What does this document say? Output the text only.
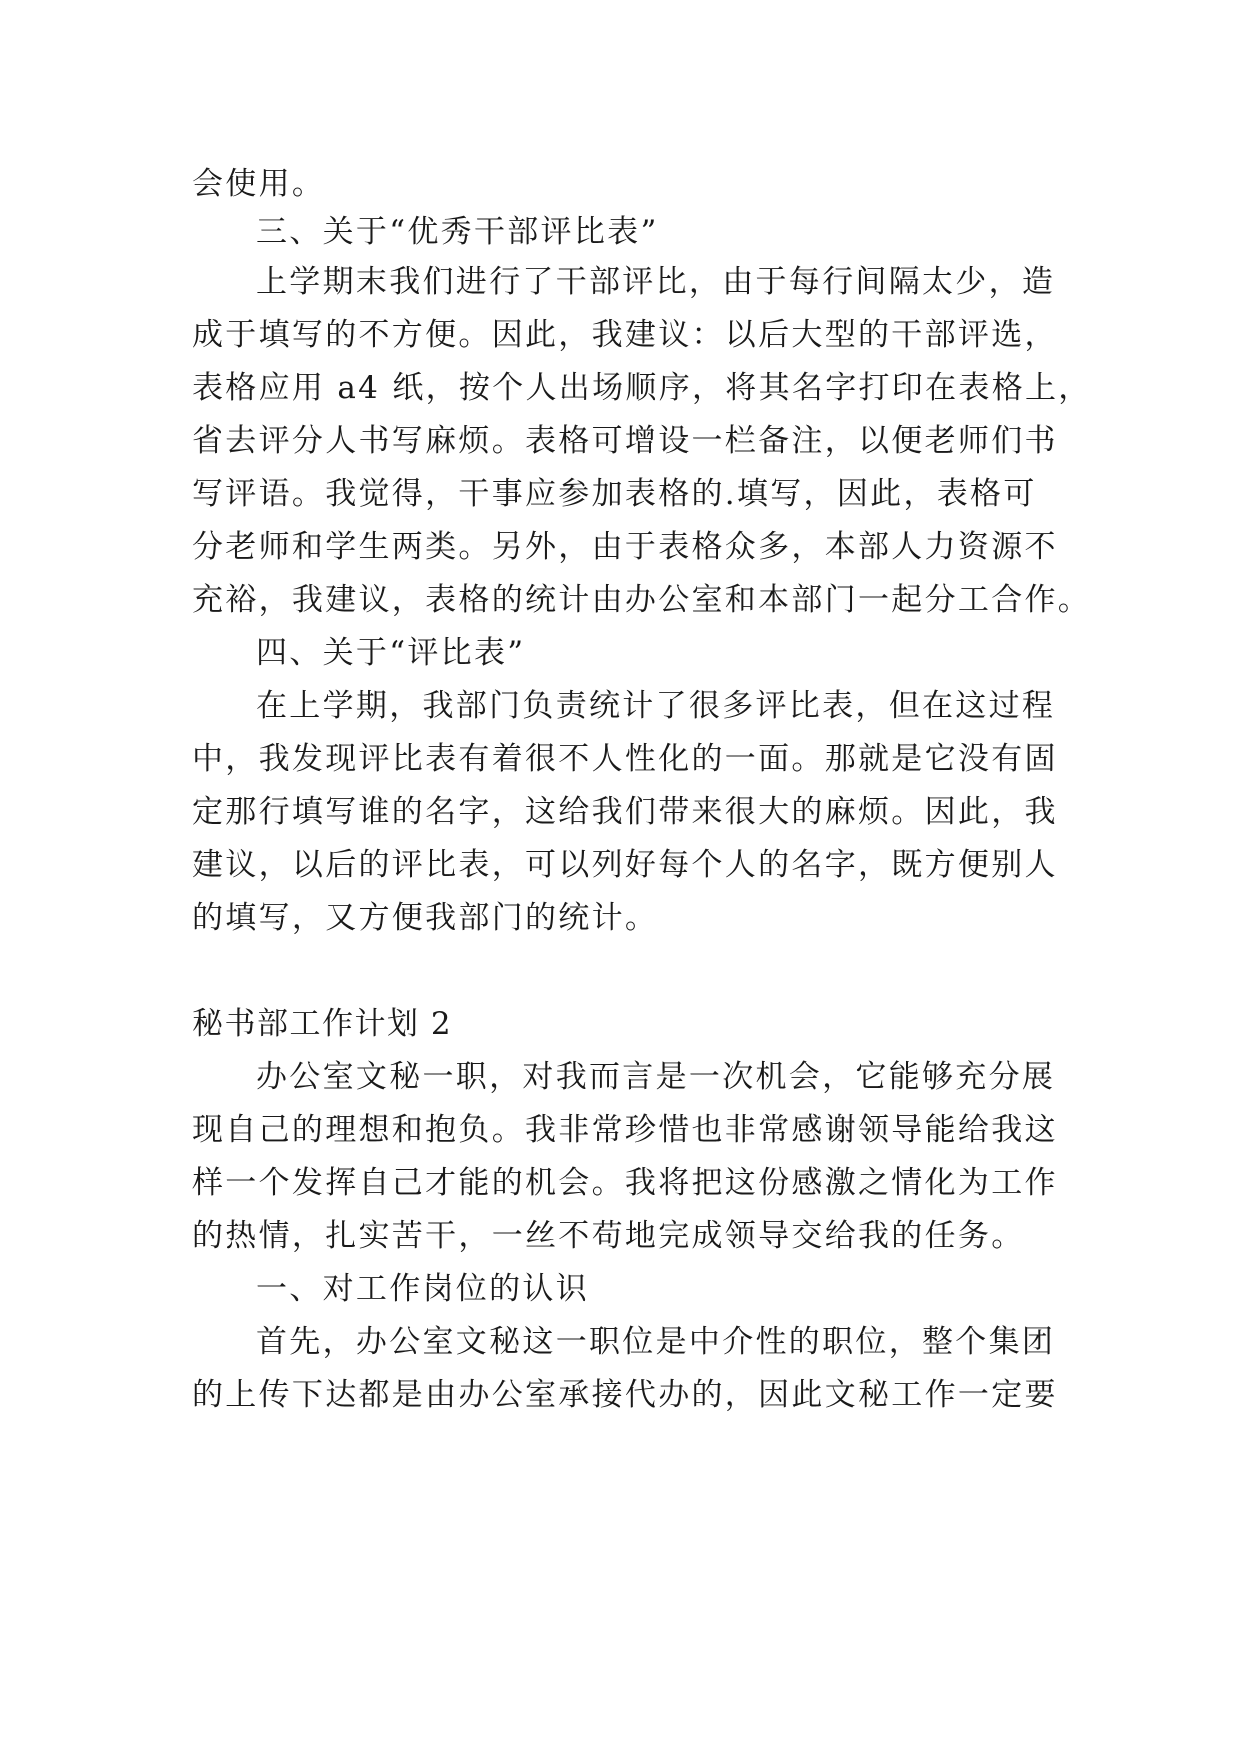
会使用。
三、关于“优秀干部评比表”
上学期末我们进行了干部评比，由于每行间隔太少，造
成于填写的不方便。因此，我建议：以后大型的干部评选，
表格应用 a4 纸，按个人出场顺序，将其名字打印在表格上，
省去评分人书写麻烦。表格可增设一栏备注，以便老师们书
写评语。我觉得，干事应参加表格的.填写，因此，表格可
分老师和学生两类。另外，由于表格众多，本部人力资源不
充裕，我建议，表格的统计由办公室和本部门一起分工合作。
四、关于“评比表”
在上学期，我部门负责统计了很多评比表，但在这过程
中，我发现评比表有着很不人性化的一面。那就是它没有固
定那行填写谁的名字，这给我们带来很大的麻烦。因此，我
建议，以后的评比表，可以列好每个人的名字，既方便别人
的填写，又方便我部门的统计。
秘书部工作计划 2
办公室文秘一职，对我而言是一次机会，它能够充分展
现自己的理想和抱负。我非常珍惜也非常感谢领导能给我这
样一个发挥自己才能的机会。我将把这份感激之情化为工作
的热情，扎实苦干，一丝不苟地完成领导交给我的任务。
一、对工作岗位的认识
首先，办公室文秘这一职位是中介性的职位，整个集团
的上传下达都是由办公室承接代办的，因此文秘工作一定要
